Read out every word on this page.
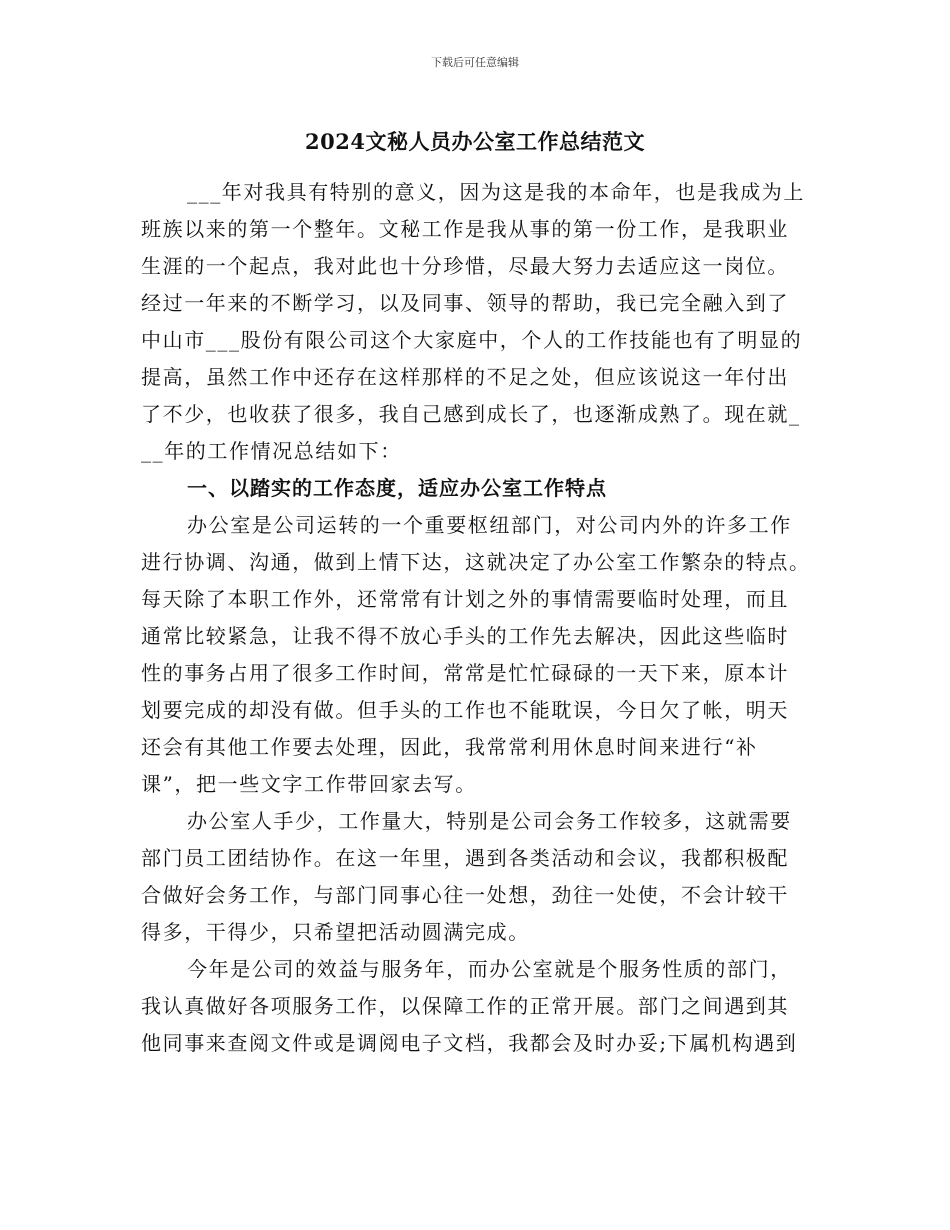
下载后可任意编辑
2024文秘人员办公室工作总结范文
___年对我具有特别的意义，因为这是我的本命年，也是我成为上
班族以来的第一个整年。文秘工作是我从事的第一份工作，是我职业
生涯的一个起点，我对此也十分珍惜，尽最大努力去适应这一岗位。
经过一年来的不断学习，以及同事、领导的帮助，我已完全融入到了
中山市___股份有限公司这个大家庭中，个人的工作技能也有了明显的
提高，虽然工作中还存在这样那样的不足之处，但应该说这一年付出
了不少，也收获了很多，我自己感到成长了，也逐渐成熟了。现在就_
__年的工作情况总结如下：
一、以踏实的工作态度，适应办公室工作特点
办公室是公司运转的一个重要枢纽部门，对公司内外的许多工作
进行协调、沟通，做到上情下达，这就决定了办公室工作繁杂的特点。
每天除了本职工作外，还常常有计划之外的事情需要临时处理，而且
通常比较紧急，让我不得不放心手头的工作先去解决，因此这些临时
性的事务占用了很多工作时间，常常是忙忙碌碌的一天下来，原本计
划要完成的却没有做。但手头的工作也不能耽误，今日欠了帐，明天
还会有其他工作要去处理，因此，我常常利用休息时间来进行“补
课”，把一些文字工作带回家去写。
办公室人手少，工作量大，特别是公司会务工作较多，这就需要
部门员工团结协作。在这一年里，遇到各类活动和会议，我都积极配
合做好会务工作，与部门同事心往一处想，劲往一处使，不会计较干
得多，干得少，只希望把活动圆满完成。
今年是公司的效益与服务年，而办公室就是个服务性质的部门，
我认真做好各项服务工作，以保障工作的正常开展。部门之间遇到其
他同事来查阅文件或是调阅电子文档，我都会及时办妥;下属机构遇到
